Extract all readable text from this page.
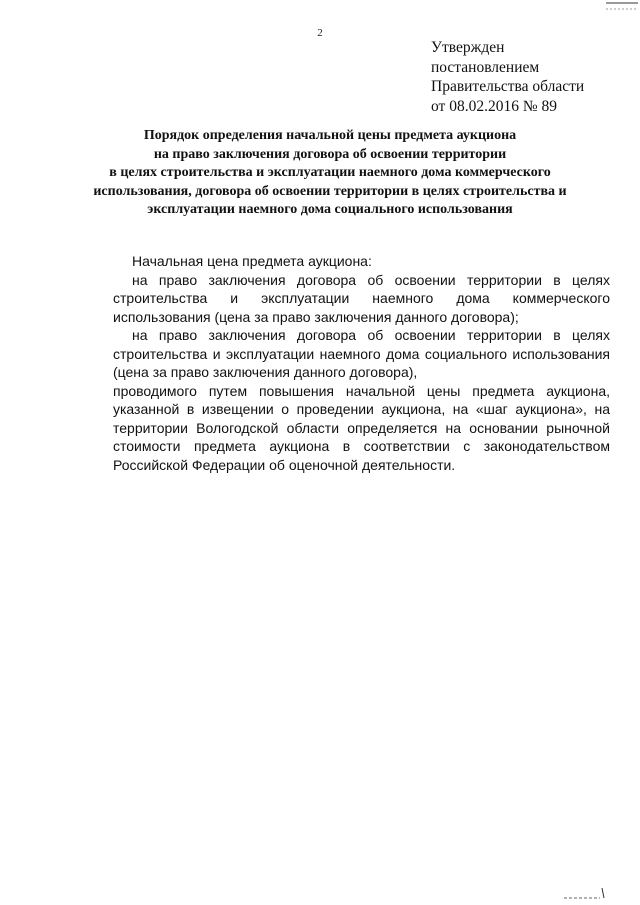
2
Утвержден
постановлением
Правительства области
от 08.02.2016 № 89
Порядок определения начальной цены предмета аукциона
на право заключения договора об освоении территории
в целях строительства и эксплуатации наемного дома коммерческого
использования, договора об освоении территории в целях строительства и
эксплуатации наемного дома социального использования

Начальная цена предмета аукциона:

на право заключения договора об освоении территории в целях строительства и эксплуатации наемного дома коммерческого использования (цена за право заключения данного договора);

на право заключения договора об освоении территории в целях строительства и эксплуатации наемного дома социального использования (цена за право заключения данного договора),

проводимого путем повышения начальной цены предмета аукциона, указанной в извещении о проведении аукциона, на «шаг аукциона», на территории Вологодской области определяется на основании рыночной стоимости предмета аукциона в соответствии с законодательством Российской Федерации об оценочной деятельности.
